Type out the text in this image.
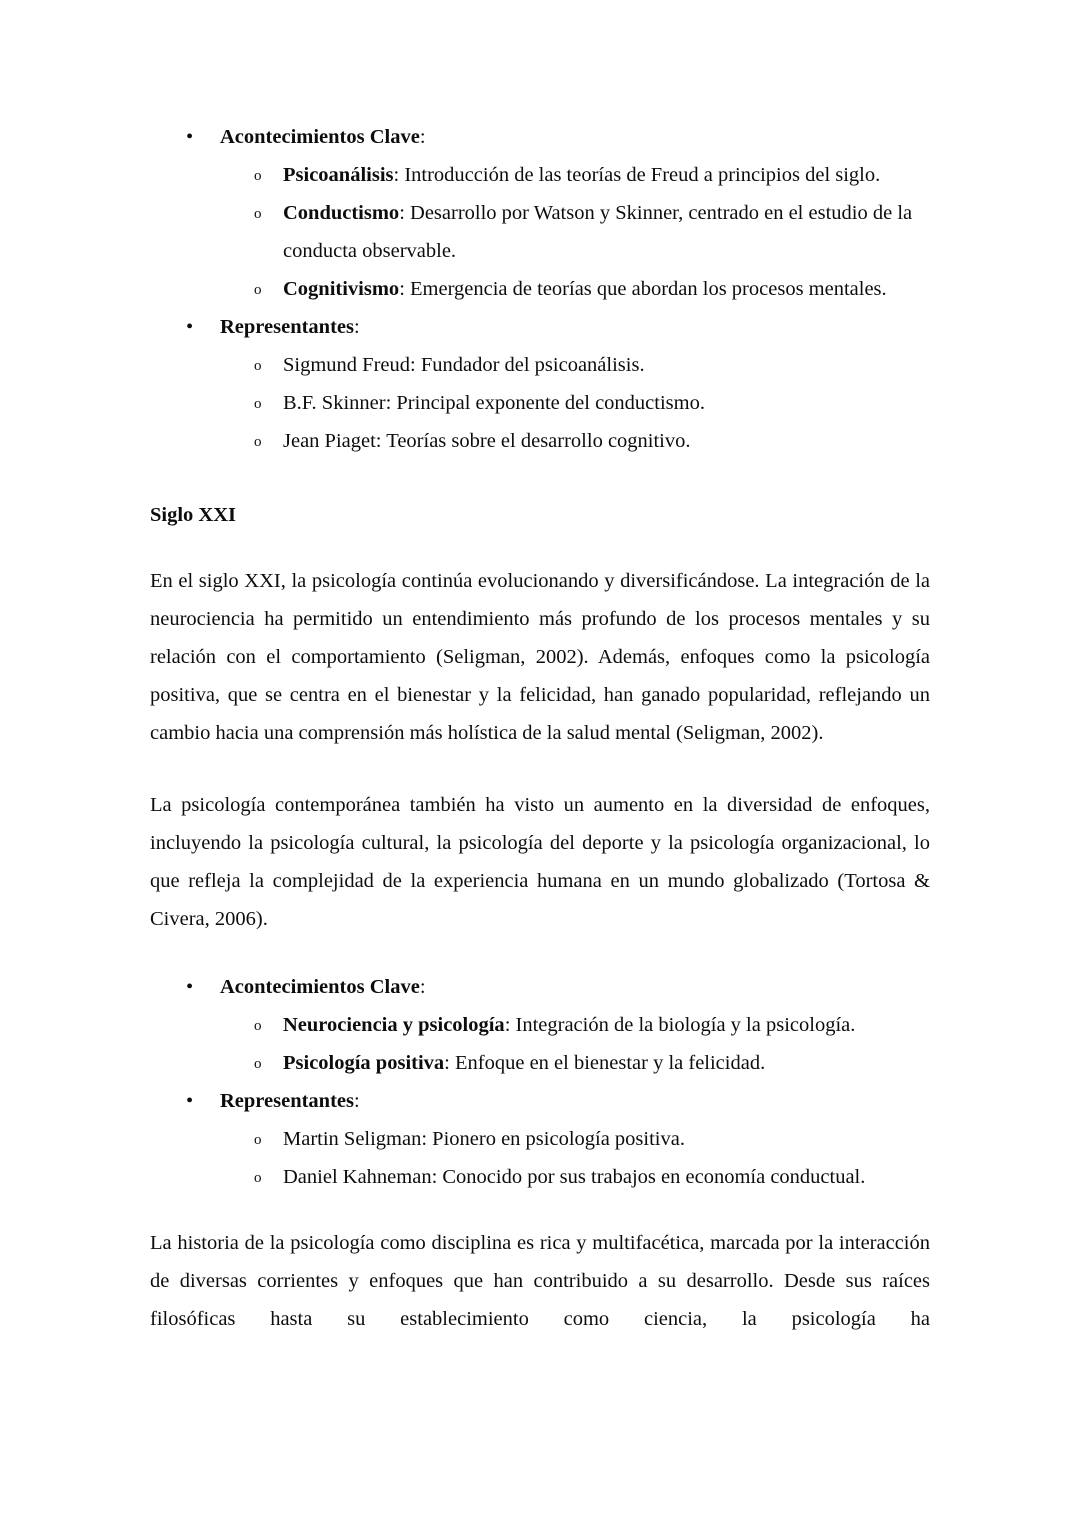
• Acontecimientos Clave:
o Psicoanálisis: Introducción de las teorías de Freud a principios del siglo.
o Conductismo: Desarrollo por Watson y Skinner, centrado en el estudio de la conducta observable.
o Cognitivismo: Emergencia de teorías que abordan los procesos mentales.
• Representantes:
o Sigmund Freud: Fundador del psicoanálisis.
o B.F. Skinner: Principal exponente del conductismo.
o Jean Piaget: Teorías sobre el desarrollo cognitivo.
Siglo XXI

En el siglo XXI, la psicología continúa evolucionando y diversificándose. La integración de la neurociencia ha permitido un entendimiento más profundo de los procesos mentales y su relación con el comportamiento (Seligman, 2002). Además, enfoques como la psicología positiva, que se centra en el bienestar y la felicidad, han ganado popularidad, reflejando un cambio hacia una comprensión más holística de la salud mental (Seligman, 2002).

La psicología contemporánea también ha visto un aumento en la diversidad de enfoques, incluyendo la psicología cultural, la psicología del deporte y la psicología organizacional, lo que refleja la complejidad de la experiencia humana en un mundo globalizado (Tortosa & Civera, 2006).

• Acontecimientos Clave:
o Neurociencia y psicología: Integración de la biología y la psicología.
o Psicología positiva: Enfoque en el bienestar y la felicidad.
• Representantes:
o Martin Seligman: Pionero en psicología positiva.
o Daniel Kahneman: Conocido por sus trabajos en economía conductual.

La historia de la psicología como disciplina es rica y multifacética, marcada por la interacción de diversas corrientes y enfoques que han contribuido a su desarrollo. Desde sus raíces filosóficas hasta su establecimiento como ciencia, la psicología ha
